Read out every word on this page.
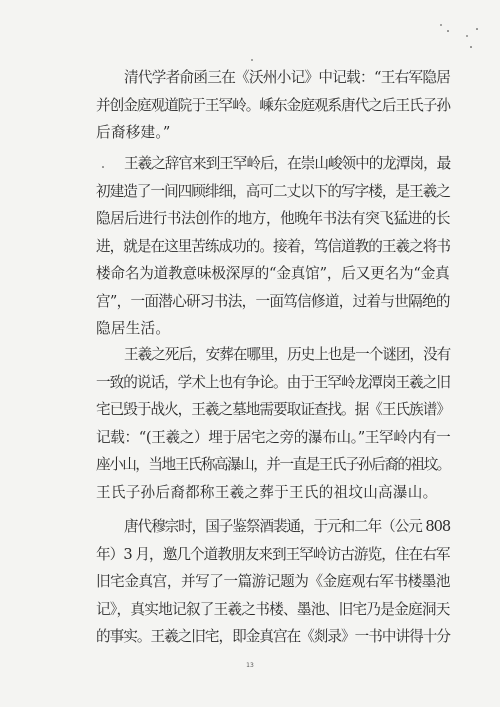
清代学者俞函三在《沃州小记》中记载：“王右军隐居
并创金庭观道院于王罕岭。嵊东金庭观系唐代之后王氏子孙
后裔移建。”
王羲之辞官来到王罕岭后，在崇山峻领中的龙潭岗，最
初建造了一间四顾绯细，高可二丈以下的写字楼，是王羲之
隐居后进行书法创作的地方，他晚年书法有突飞猛进的长
进，就是在这里苦练成功的。接着，笃信道教的王羲之将书
楼命名为道教意味极深厚的“金真馆”，后又更名为“金真
宫”，一面潜心研习书法，一面笃信修道，过着与世隔绝的
隐居生活。
王羲之死后，安葬在哪里，历史上也是一个谜团，没有
一致的说话，学术上也有争论。由于王罕岭龙潭岗王羲之旧
宅已毁于战火，王羲之墓地需要取证查找。据《王氏族谱》
记载：“(王羲之）埋于居宅之旁的瀑布山。”王罕岭内有一
座小山，当地王氏称高瀑山，并一直是王氏子孙后裔的祖坟。
王氏子孙后裔都称王羲之葬于王氏的祖坟山高瀑山。
唐代穆宗时，国子鉴祭酒裴通，于元和二年（公元 808
年）3 月，邀几个道教朋友来到王罕岭访古游览，住在右军
旧宅金真宫，并写了一篇游记题为《金庭观右军书楼墨池
记》，真实地记叙了王羲之书楼、墨池、旧宅乃是金庭洞天
的事实。王羲之旧宅，即金真宫在《剡录》一书中讲得十分
13
